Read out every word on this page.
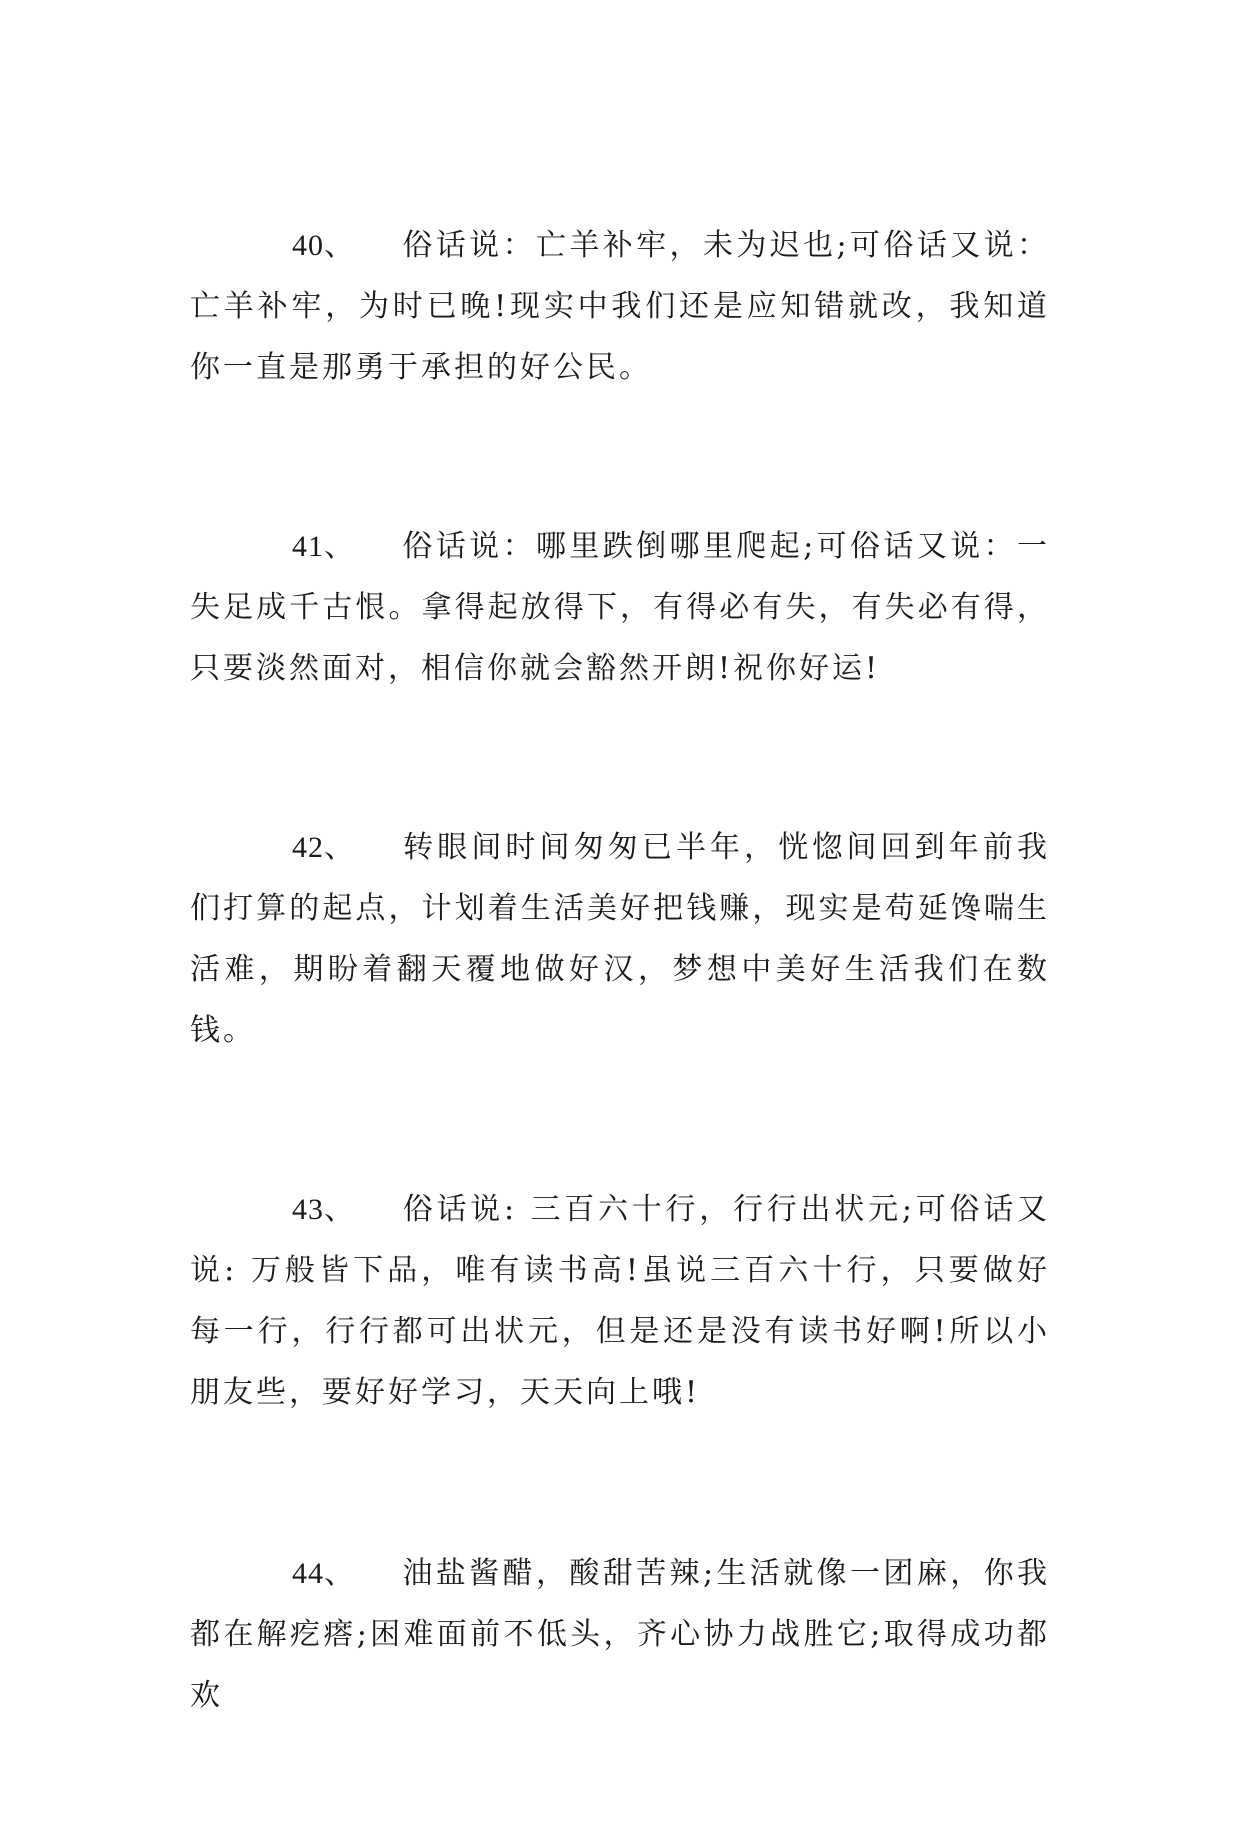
40、 俗话说：亡羊补牢，未为迟也;可俗话又说：亡羊补牢，为时已晚!现实中我们还是应知错就改，我知道你一直是那勇于承担的好公民。

41、 俗话说：哪里跌倒哪里爬起;可俗话又说：一失足成千古恨。拿得起放得下，有得必有失，有失必有得，只要淡然面对，相信你就会豁然开朗!祝你好运!

42、 转眼间时间匆匆已半年，恍惚间回到年前我们打算的起点，计划着生活美好把钱赚，现实是苟延馋喘生活难，期盼着翻天覆地做好汉，梦想中美好生活我们在数钱。

43、 俗话说: 三百六十行，行行出状元;可俗话又说: 万般皆下品，唯有读书高!虽说三百六十行，只要做好每一行，行行都可出状元，但是还是没有读书好啊!所以小朋友些，要好好学习，天天向上哦!

44、 油盐酱醋，酸甜苦辣;生活就像一团麻，你我都在解疙瘩;困难面前不低头，齐心协力战胜它;取得成功都欢
